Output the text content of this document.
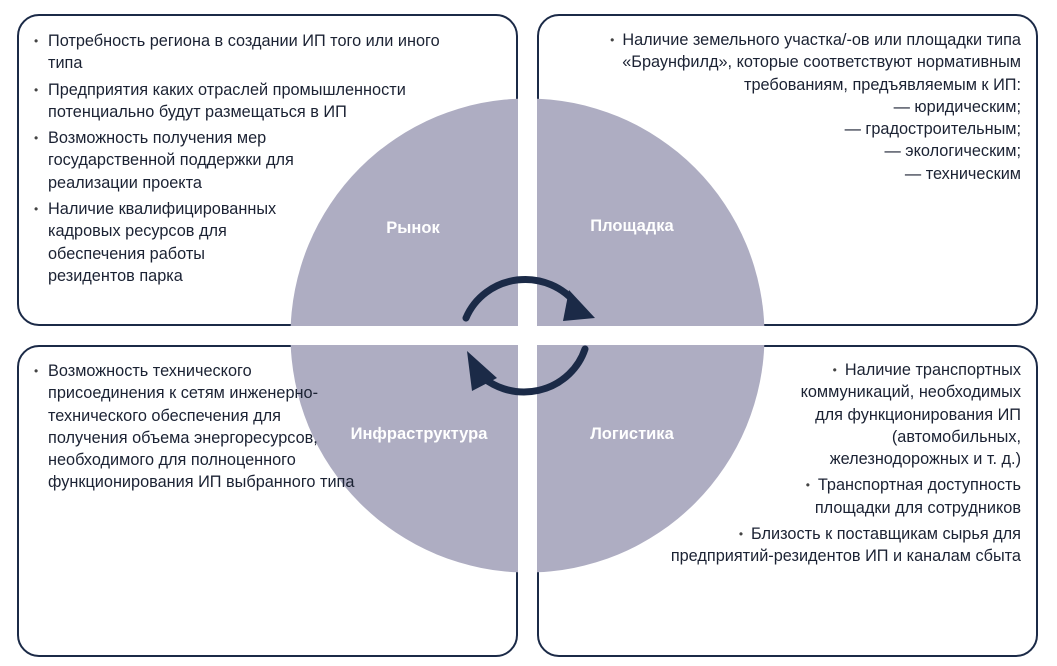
Рынок	Площадка
Инфраструктура	Логистика
• Потребность региона в создании ИП того или иного типа
• Предприятия каких отраслей промышленности потенциально будут размещаться в ИП
• Возможность получения мер государственной поддержки для реализации проекта
• Наличие квалифицированных кадровых ресурсов для обеспечения работы резидентов парка
• Наличие земельного участка/-ов или площадки типа «Браунфилд», которые соответствуют нормативным требованиям, предъявляемым к ИП:
— юридическим;
— градостроительным;
— экологическим;
— техническим
• Возможность технического присоединения к сетям инженерно-технического обеспечения для получения объема энергоресурсов, необходимого для полноценного функционирования ИП выбранного типа
• Наличие транспортных коммуникаций, необходимых для функционирования ИП (автомобильных, железнодорожных и т. д.)
• Транспортная доступность площадки для сотрудников
• Близость к поставщикам сырья для предприятий-резидентов ИП и каналам сбыта
